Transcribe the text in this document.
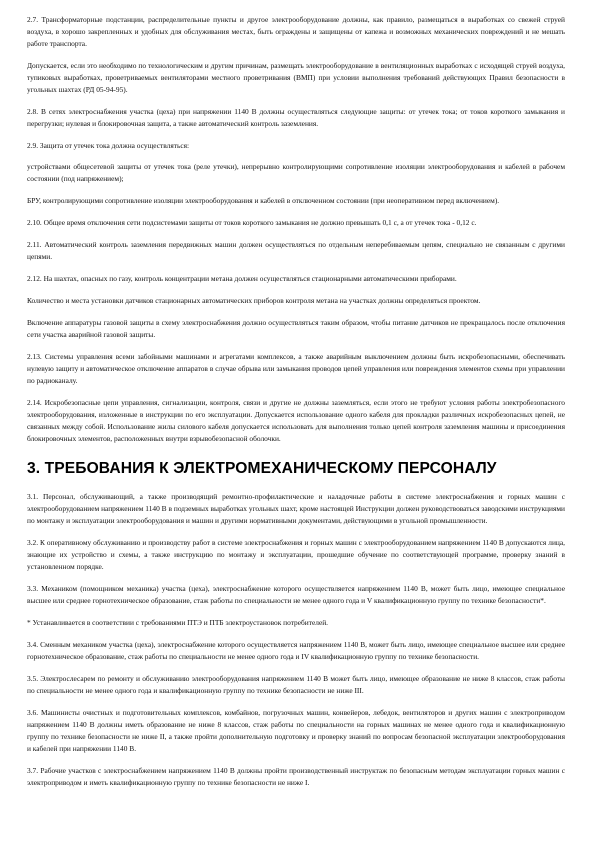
2.7. Трансформаторные подстанции, распределительные пункты и другое электрооборудование должны, как правило, размещаться в выработках со свежей струей воздуха, в хорошо закрепленных и удобных для обслуживания местах, быть ограждены и защищены от капежа и возможных механических повреждений и не мешать работе транспорта.

Допускается, если это необходимо по технологическим и другим причинам, размещать электрооборудование в вентиляционных выработках с исходящей струей воздуха, тупиковых выработках, проветриваемых вентиляторами местного проветривания (ВМП) при условии выполнения требований действующих Правил безопасности в угольных шахтах (РД 05-94-95).

2.8. В сетях электроснабжения участка (цеха) при напряжении 1140 В должны осуществляться следующие защиты: от утечек тока; от токов короткого замыкания и перегрузки; нулевая и блокировочная защита, а также автоматический контроль заземления.

2.9. Защита от утечек тока должна осуществляться:

устройствами общесетевой защиты от утечек тока (реле утечки), непрерывно контролирующими сопротивление изоляции электрооборудования и кабелей в рабочем состоянии (под напряжением);

БРУ, контролирующими сопротивление изоляции электрооборудования и кабелей в отключенном состоянии (при неоперативном перед включением).

2.10. Общее время отключения сети подсистемами защиты от токов короткого замыкания не должно превышать 0,1 с, а от утечек тока - 0,12 с.

2.11. Автоматический контроль заземления передвижных машин должен осуществляться по отдельным неперебиваемым цепям, специально не связанным с другими цепями.

2.12. На шахтах, опасных по газу, контроль концентрации метана должен осуществляться стационарными автоматическими приборами.

Количество и места установки датчиков стационарных автоматических приборов контроля метана на участках должны определяться проектом.

Включение аппаратуры газовой защиты в схему электроснабжения должно осуществляться таким образом, чтобы питание датчиков не прекращалось после отключения сети участка аварийной газовой защиты.

2.13. Системы управления всеми забойными машинами и агрегатами комплексов, а также аварийным выключением должны быть искробезопасными, обеспечивать нулевую защиту и автоматическое отключение аппаратов в случае обрыва или замыкания проводов цепей управления или повреждения элементов схемы при управлении по радиоканалу.

2.14. Искробезопасные цепи управления, сигнализации, контроля, связи и другие не должны заземляться, если этого не требуют условия работы электробезопасного электрооборудования, изложенные в инструкции по его эксплуатации. Допускается использование одного кабеля для прокладки различных искробезопасных цепей, не связанных между собой. Использование жилы силового кабеля допускается использовать для выполнения только цепей контроля заземления машины и присоединения блокировочных элементов, расположенных внутри взрывобезопасной оболочки.

3. ТРЕБОВАНИЯ К ЭЛЕКТРОМЕХАНИЧЕСКОМУ ПЕРСОНАЛУ

3.1. Персонал, обслуживающий, а также производящий ремонтно-профилактические и наладочные работы в системе электроснабжения и горных машин с электрооборудованием напряжением 1140 В в подземных выработках угольных шахт, кроме настоящей Инструкции должен руководствоваться заводскими инструкциями по монтажу и эксплуатации электрооборудования и машин и другими нормативными документами, действующими в угольной промышленности.

3.2. К оперативному обслуживанию и производству работ в системе электроснабжения и горных машин с электрооборудованием напряжением 1140 В допускаются лица, знающие их устройство и схемы, а также инструкцию по монтажу и эксплуатации, прошедшие обучение по соответствующей программе, проверку знаний в установленном порядке.

3.3. Механиком (помощником механика) участка (цеха), электроснабжение которого осуществляется напряжением 1140 В, может быть лицо, имеющее специальное высшее или среднее горнотехническое образование, стаж работы по специальности не менее одного года и V квалификационную группу по технике безопасности*.

* Устанавливается в соответствии с требованиями ПТЭ и ПТБ электроустановок потребителей.

3.4. Сменным механиком участка (цеха), электроснабжение которого осуществляется напряжением 1140 В, может быть лицо, имеющее специальное высшее или среднее горнотехническое образование, стаж работы по специальности не менее одного года и IV квалификационную группу по технике безопасности.

3.5. Электрослесарем по ремонту и обслуживанию электрооборудования напряжением 1140 В может быть лицо, имеющее образование не ниже 8 классов, стаж работы по специальности не менее одного года и квалификационную группу по технике безопасности не ниже III.

3.6. Машинисты очистных и подготовительных комплексов, комбайнов, погрузочных машин, конвейеров, лебедок, вентиляторов и других машин с электроприводом напряжением 1140 В должны иметь образование не ниже 8 классов, стаж работы по специальности на горных машинах не менее одного года и квалификационную группу по технике безопасности не ниже II, а также пройти дополнительную подготовку и проверку знаний по вопросам безопасной эксплуатации электрооборудования и кабелей при напряжении 1140 В.

3.7. Рабочие участков с электроснабжением напряжением 1140 В должны пройти производственный инструктаж по безопасным методам эксплуатации горных машин с электроприводом и иметь квалификационную группу по технике безопасности не ниже I.
